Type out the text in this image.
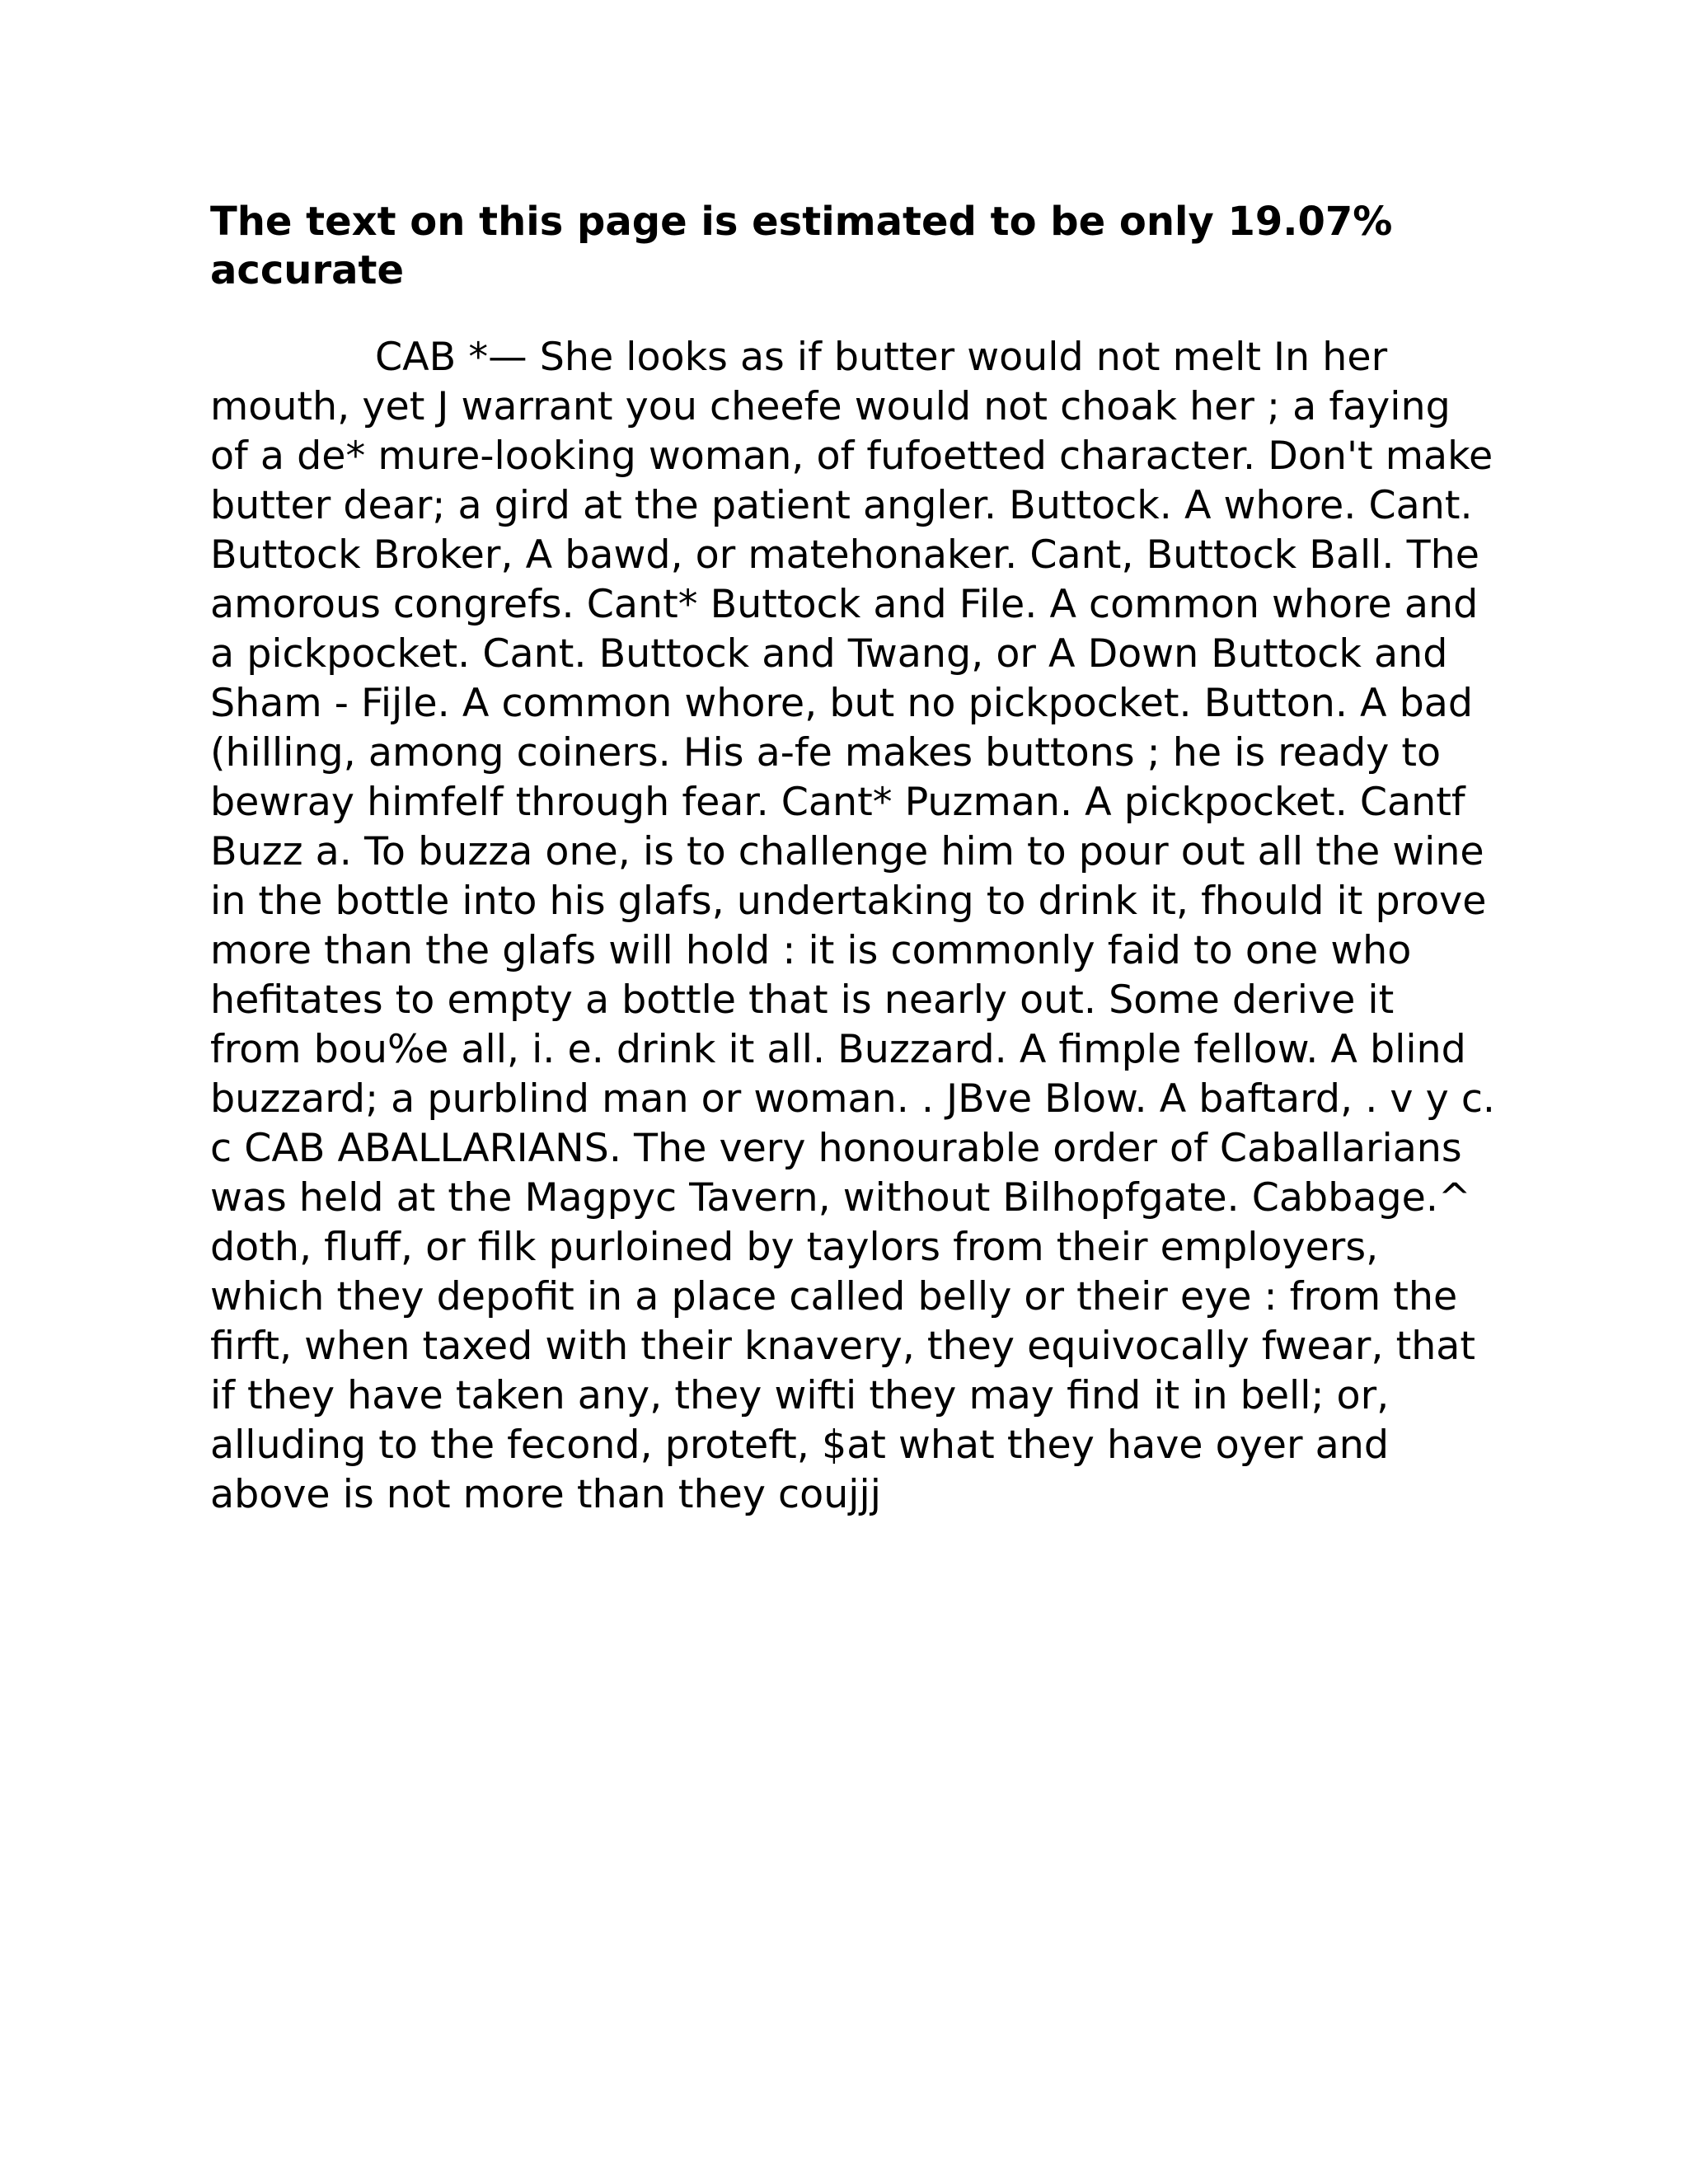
The text on this page is estimated to be only 19.07% accurate

CAB *— She looks as if butter would not melt In her mouth, yet J warrant you cheefe would not choak her ; a faying of a de* mure-looking woman, of fufoetted character. Don't make butter dear; a gird at the patient angler. Buttock. A whore. Cant. Buttock Broker, A bawd, or matehonaker. Cant, Buttock Ball. The amorous congrefs. Cant* Buttock and File. A common whore and a pickpocket. Cant. Buttock and Twang, or A Down Buttock and Sham - Fijle. A common whore, but no pickpocket. Button. A bad (hilling, among coiners. His a-fe makes buttons ; he is ready to bewray himfelf through fear. Cant* Puzman. A pickpocket. Cantf Buzz a. To buzza one, is to challenge him to pour out all the wine in the bottle into his glafs, undertaking to drink it, fhould it prove more than the glafs will hold : it is commonly faid to one who hefitates to empty a bottle that is nearly out. Some derive it from bou%e all, i. e. drink it all. Buzzard. A fimple fellow. A blind buzzard; a purblind man or woman. . JBve Blow. A baftard, . v y c. c CAB ABALLARIANS. The very honourable order of Caballarians was held at the Magpyc Tavern, without Bilhopfgate. Cabbage.^ doth, fluff, or filk purloined by taylors from their employers, which they depofit in a place called belly or their eye : from the firft, when taxed with their knavery, they equivocally fwear, that if they have taken any, they wifti they may find it in bell; or, alluding to the fecond, proteft, $at what they have oyer and above is not more than they coujjj
